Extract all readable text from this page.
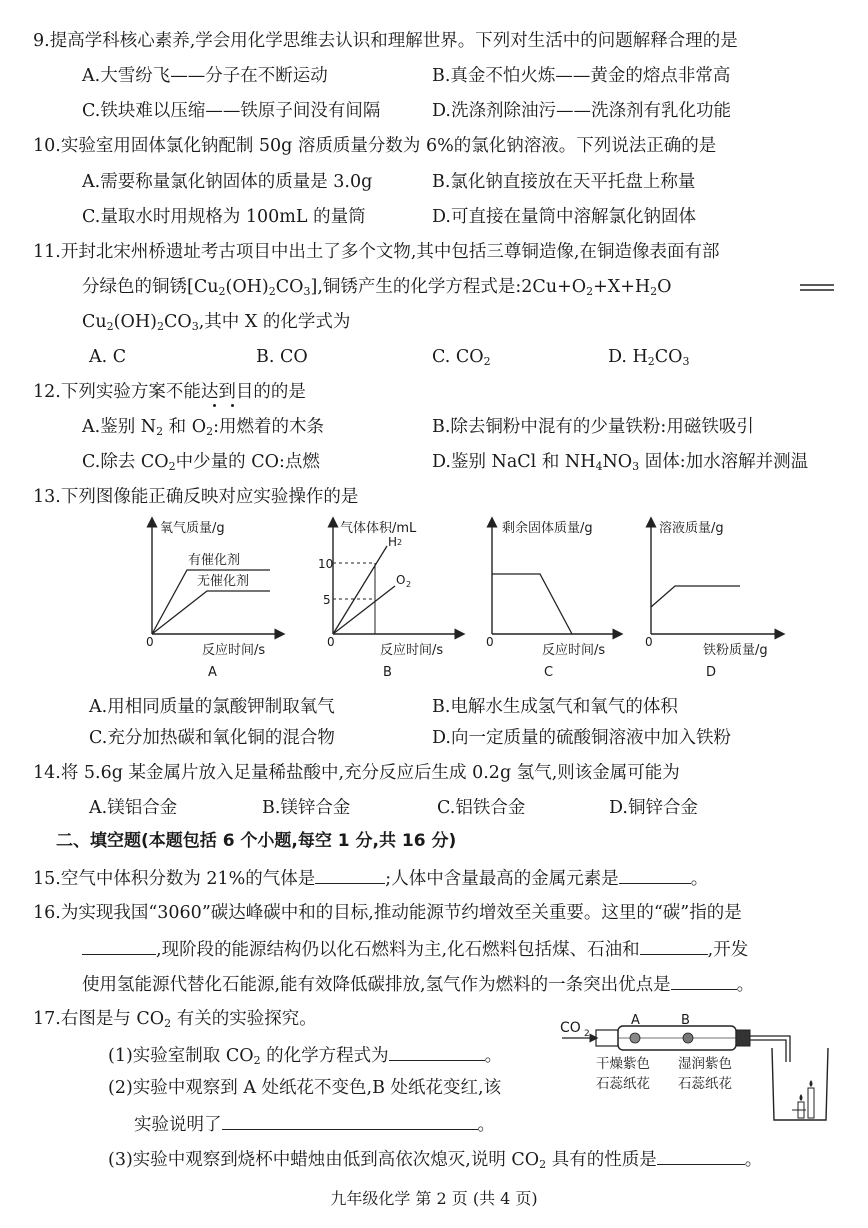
9.提高学科核心素养,学会用化学思维去认识和理解世界。下列对生活中的问题解释合理的是
A.大雪纷飞——分子在不断运动	B.真金不怕火炼——黄金的熔点非常高
C.铁块难以压缩——铁原子间没有间隔	D.洗涤剂除油污——洗涤剂有乳化功能
10.实验室用固体氯化钠配制 50g 溶质质量分数为 6%的氯化钠溶液。下列说法正确的是
A.需要称量氯化钠固体的质量是 3.0g	B.氯化钠直接放在天平托盘上称量
C.量取水时用规格为 100mL 的量筒	D.可直接在量筒中溶解氯化钠固体
11.开封北宋州桥遗址考古项目中出土了多个文物,其中包括三尊铜造像,在铜造像表面有部
分绿色的铜锈$[Cu_2(OH)_2CO_3]$,铜锈产生的化学方程式是$:2Cu+O_2+X+H_2O$
$Cu_2(OH)_2CO_3$,其中 X 的化学式为
A. C	B. CO	C. $CO_2$	D. $H_2CO_3$
12.下列实验方案不能达到目的的是
A.鉴别 $N_2$ 和 $O_2$:用燃着的木条	B.除去铜粉中混有的少量铁粉:用磁铁吸引
C.除去 $CO_2$中少量的 CO:点燃	D.鉴别 NaCl 和 $NH_4NO_3$ 固体:加水溶解并测温
13.下列图像能正确反映对应实验操作的是
氧气质量/g
有催化剂
无催化剂
0
反应时间/s
A
气体体积/mL
10
5
H 2
O 2
0
反应时间/s
B
剩余固体质量/g
0
反应时间/s
C
溶液质量/g
0
铁粉质量/g
D
A.用相同质量的氯酸钾制取氧气	B.电解水生成氢气和氧气的体积
C.充分加热碳和氧化铜的混合物	D.向一定质量的硫酸铜溶液中加入铁粉
14.将 5.6g 某金属片放入足量稀盐酸中,充分反应后生成 0.2g 氢气,则该金属可能为
A.镁铝合金	B.镁锌合金	C.铝铁合金	D.铜锌合金
二、填空题(本题包括 6 个小题,每空 1 分,共 16 分)
15.空气中体积分数为 21%的气体是	;人体中含量最高的金属元素是	。
16.为实现我国“3060”碳达峰碳中和的目标,推动能源节约增效至关重要。这里的“碳”指的是
,现阶段的能源结构仍以化石燃料为主,化石燃料包括煤、石油和	,开发
使用氢能源代替化石能源,能有效降低碳排放,氢气作为燃料的一条突出优点是	。
17.右图是与 $CO_2$ 有关的实验探究。
(1)实验室制取 $CO_2$ 的化学方程式为	。
(2)实验中观察到 A 处纸花不变色,B 处纸花变红,该
实验说明了	。
(3)实验中观察到烧杯中蜡烛由低到高依次熄灭,说明 $CO_2$ 具有的性质是	。
CO 2
A	B
干燥紫色
石蕊纸花
湿润紫色
石蕊纸花
九年级化学 第 2 页 (共 4 页)
